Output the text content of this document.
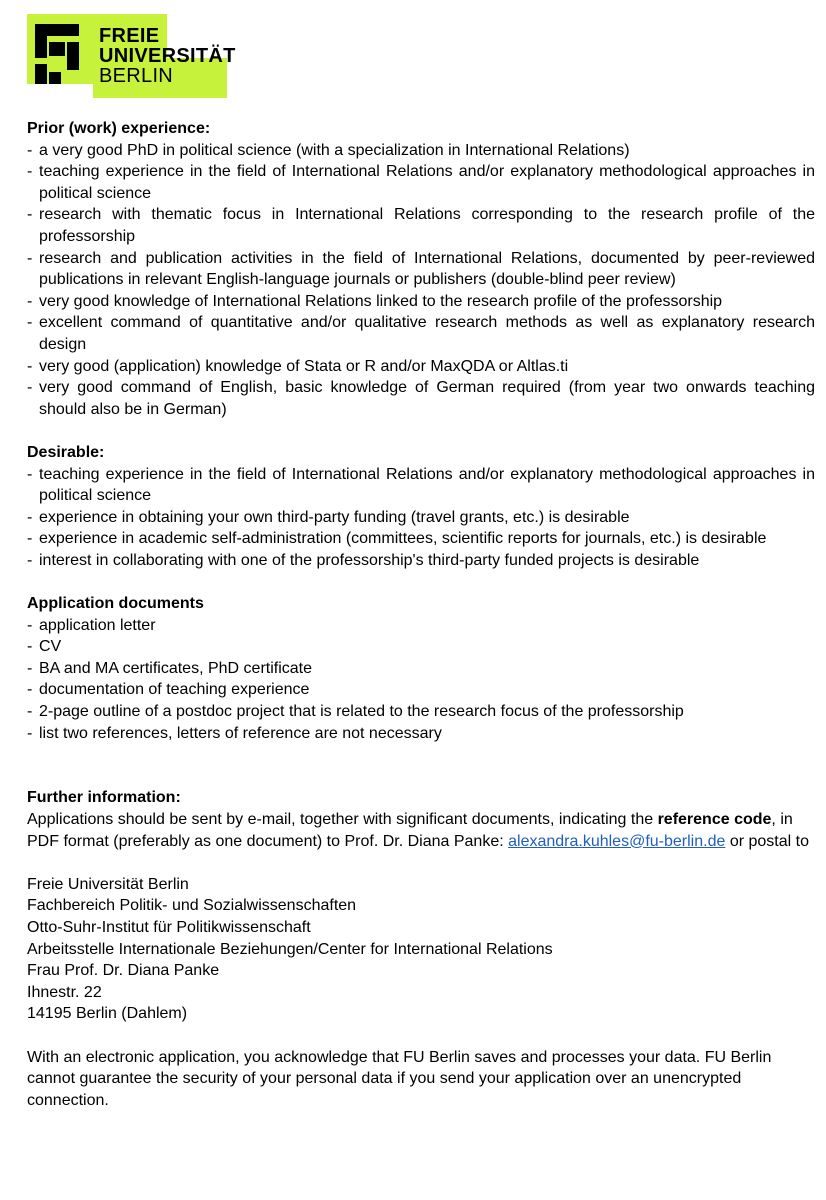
FREIE
UNIVERSITÄT
BERLIN
Prior (work) experience:
- a very good PhD in political science (with a specialization in International Relations)
- teaching experience in the field of International Relations and/or explanatory methodological approaches in political science
- research with thematic focus in International Relations corresponding to the research profile of the professorship
- research and publication activities in the field of International Relations, documented by peer-reviewed publications in relevant English-language journals or publishers (double-blind peer review)
- very good knowledge of International Relations linked to the research profile of the professorship
- excellent command of quantitative and/or qualitative research methods as well as explanatory research design
- very good (application) knowledge of Stata or R and/or MaxQDA or Altlas.ti
- very good command of English, basic knowledge of German required (from year two onwards teaching should also be in German)
Desirable:
- teaching experience in the field of International Relations and/or explanatory methodological approaches in political science
- experience in obtaining your own third-party funding (travel grants, etc.) is desirable
- experience in academic self-administration (committees, scientific reports for journals, etc.) is desirable
- interest in collaborating with one of the professorship's third-party funded projects is desirable
Application documents
- application letter
- CV
- BA and MA certificates, PhD certificate
- documentation of teaching experience
- 2-page outline of a postdoc project that is related to the research focus of the professorship
- list two references, letters of reference are not necessary
Further information:
Applications should be sent by e-mail, together with significant documents, indicating the reference code, in PDF format (preferably as one document) to Prof. Dr. Diana Panke: alexandra.kuhles@fu-berlin.de or postal to
Freie Universität Berlin
Fachbereich Politik- und Sozialwissenschaften
Otto-Suhr-Institut für Politikwissenschaft
Arbeitsstelle Internationale Beziehungen/Center for International Relations
Frau Prof. Dr. Diana Panke
Ihnestr. 22
14195 Berlin (Dahlem)
With an electronic application, you acknowledge that FU Berlin saves and processes your data. FU Berlin cannot guarantee the security of your personal data if you send your application over an unencrypted connection.
